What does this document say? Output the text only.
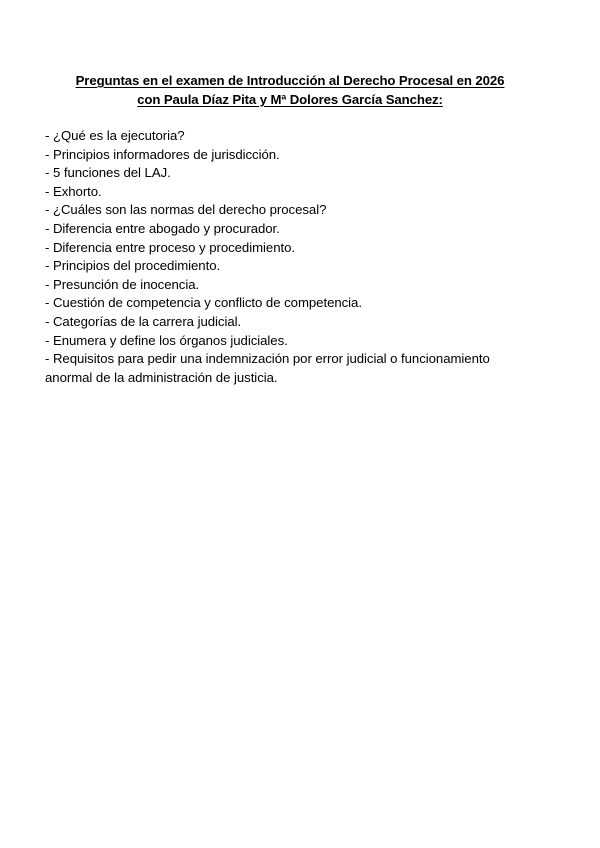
Preguntas en el examen de Introducción al Derecho Procesal en 2026
con Paula Díaz Pita y Mª Dolores García Sanchez:
- ¿Qué es la ejecutoria?
- Principios informadores de jurisdicción.
- 5 funciones del LAJ.
- Exhorto.
- ¿Cuáles son las normas del derecho procesal?
- Diferencia entre abogado y procurador.
- Diferencia entre proceso y procedimiento.
- Principios del procedimiento.
- Presunción de inocencia.
- Cuestión de competencia y conflicto de competencia.
- Categorías de la carrera judicial.
- Enumera y define los órganos judiciales.
- Requisitos para pedir una indemnización por error judicial o funcionamiento anormal de la administración de justicia.
